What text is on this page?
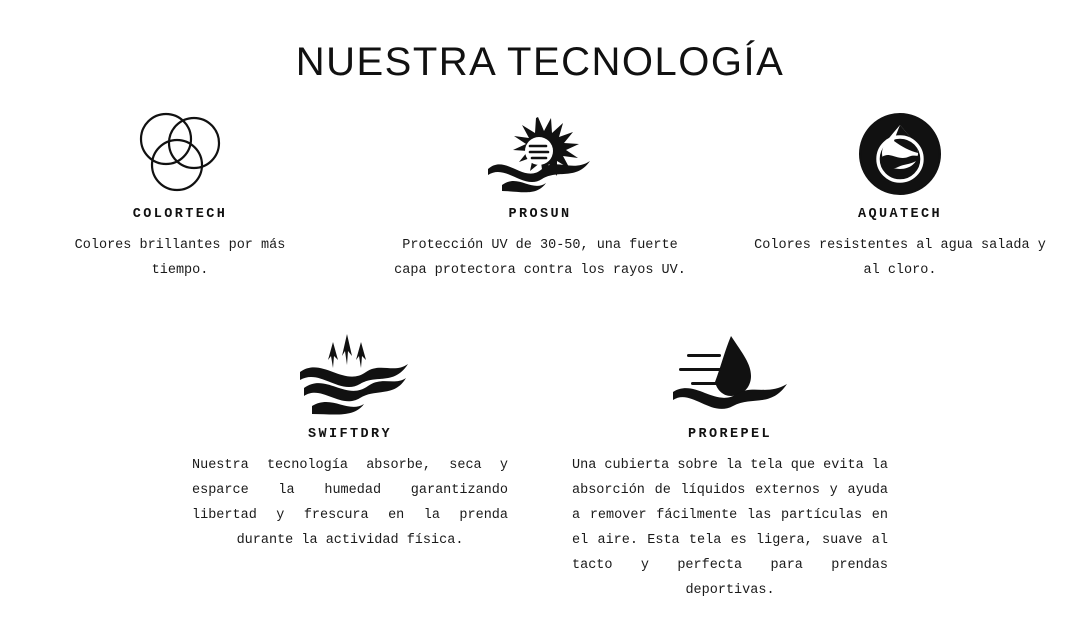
NUESTRA TECNOLOGÍA
COLORTECH
Colores brillantes por más tiempo.
PROSUN
Protección UV de 30-50, una fuerte capa protectora contra los rayos UV.
AQUATECH
Colores resistentes al agua salada y al cloro.
SWIFTDRY
Nuestra tecnología absorbe, seca y esparce la humedad garantizando libertad y frescura en la prenda durante la actividad física.
PROREPEL
Una cubierta sobre la tela que evita la absorción de líquidos externos y ayuda a remover fácilmente las partículas en el aire. Esta tela es ligera, suave al tacto y perfecta para prendas deportivas.
